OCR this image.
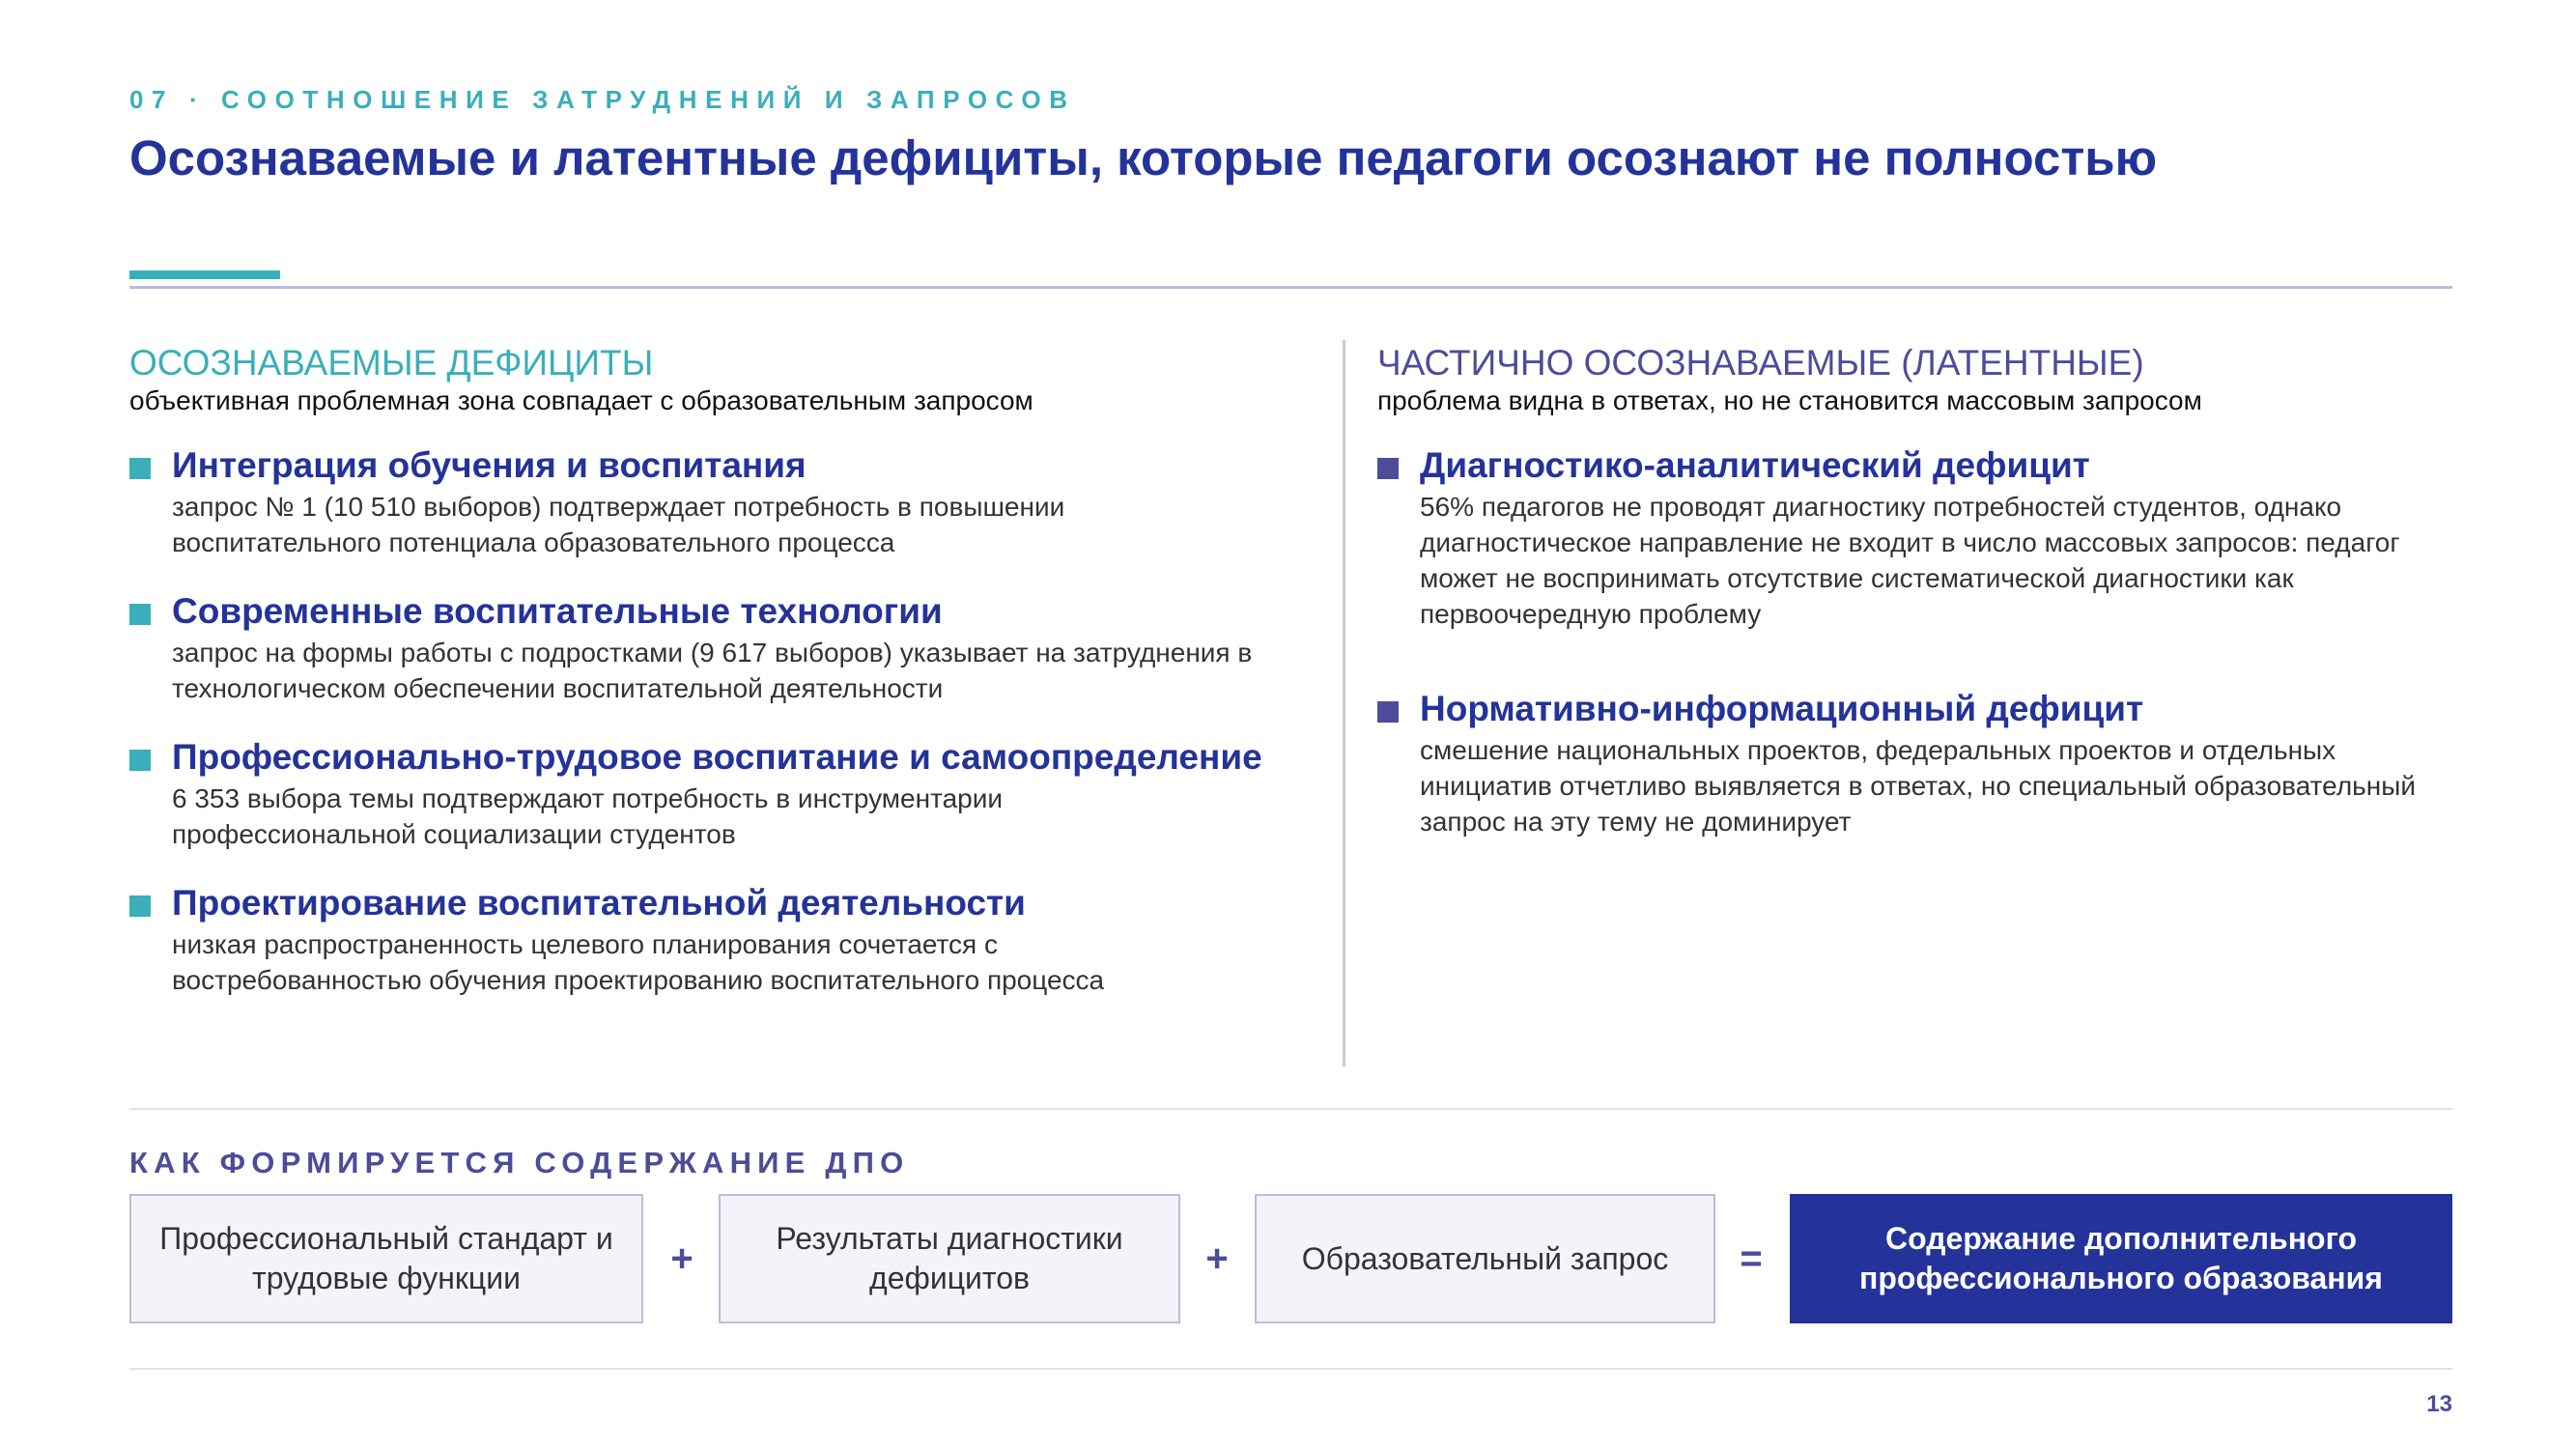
07 · СООТНОШЕНИЕ ЗАТРУДНЕНИЙ И ЗАПРОСОВ
Осознаваемые и латентные дефициты, которые педагоги осознают не полностью
ОСОЗНАВАЕМЫЕ ДЕФИЦИТЫ
объективная проблемная зона совпадает с образовательным запросом
Интеграция обучения и воспитания
запрос № 1 (10 510 выборов) подтверждает потребность в повышении воспитательного потенциала образовательного процесса
Современные воспитательные технологии
запрос на формы работы с подростками (9 617 выборов) указывает на затруднения в технологическом обеспечении воспитательной деятельности
Профессионально-трудовое воспитание и самоопределение
6 353 выбора темы подтверждают потребность в инструментарии профессиональной социализации студентов
Проектирование воспитательной деятельности
низкая распространенность целевого планирования сочетается с востребованностью обучения проектированию воспитательного процесса
ЧАСТИЧНО ОСОЗНАВАЕМЫЕ (ЛАТЕНТНЫЕ)
проблема видна в ответах, но не становится массовым запросом
Диагностико-аналитический дефицит
56% педагогов не проводят диагностику потребностей студентов, однако диагностическое направление не входит в число массовых запросов: педагог может не воспринимать отсутствие систематической диагностики как первоочередную проблему
Нормативно-информационный дефицит
смешение национальных проектов, федеральных проектов и отдельных инициатив отчетливо выявляется в ответах, но специальный образовательный запрос на эту тему не доминирует
КАК ФОРМИРУЕТСЯ СОДЕРЖАНИЕ ДПО
Профессиональный стандарт и трудовые функции	+	Результаты диагностики дефицитов	+	Образовательный запрос	=	Содержание дополнительного профессионального образования
13
